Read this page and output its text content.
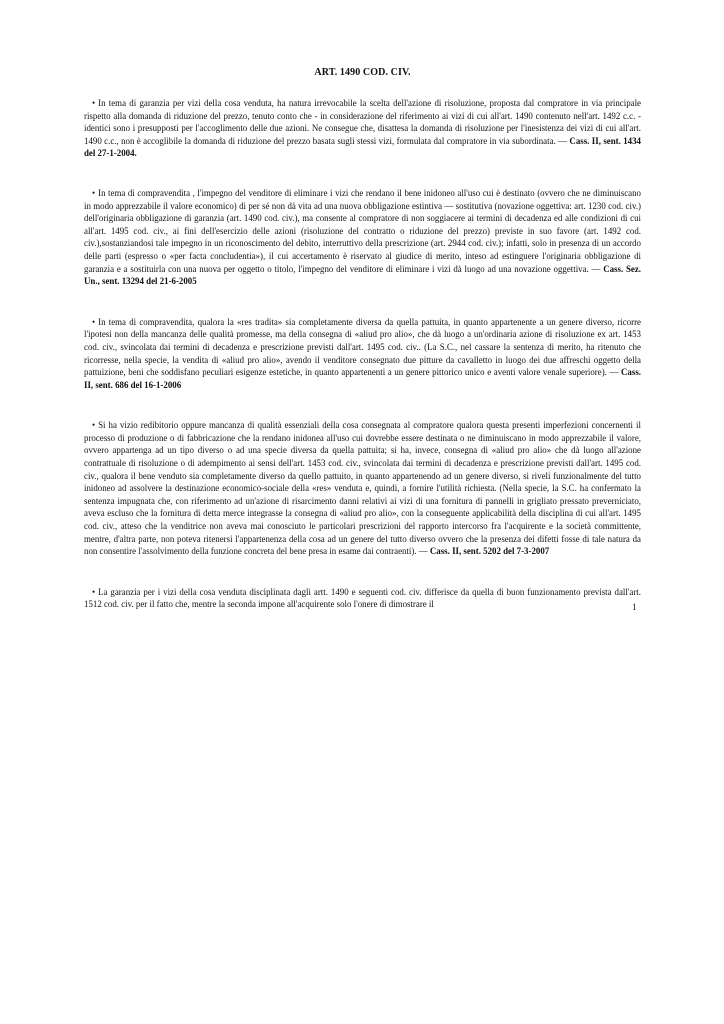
ART. 1490 COD. CIV.

• In tema di garanzia per vizi della cosa venduta, ha natura irrevocabile la scelta dell'azione di risoluzione, proposta dal compratore in via principale rispetto alla domanda di riduzione del prezzo, tenuto conto che - in considerazione del riferimento ai vizi di cui all'art. 1490 contenuto nell'art. 1492 c.c. - identici sono i presupposti per l'accoglimento delle due azioni. Ne consegue che, disattesa la domanda di risoluzione per l'inesistenza dei vizi di cui all'art. 1490 c.c., non è accoglibile la domanda di riduzione del prezzo basata sugli stessi vizi, formulata dal compratore in via subordinata. — Cass. II, sent. 1434 del 27-1-2004.

• In tema di compravendita , l'impegno del venditore di eliminare i vizi che rendano il bene inidoneo all'uso cui è destinato (ovvero che ne diminuiscano in modo apprezzabile il valore economico) di per sé non dà vita ad una nuova obbligazione estintiva — sostitutiva (novazione oggettiva: art. 1230 cod. civ.) dell'originaria obbligazione di garanzia (art. 1490 cod. civ.), ma consente al compratore di non soggiacere ai termini di decadenza ed alle condizioni di cui all'art. 1495 cod. civ., ai fini dell'esercizio delle azioni (risoluzione del contratto o riduzione del prezzo) previste in suo favore (art. 1492 cod. civ.),sostanziandosi tale impegno in un riconoscimento del debito, interruttivo della prescrizione (art. 2944 cod. civ.); infatti, solo in presenza di un accordo delle parti (espresso o «per facta concludentia»), il cui accertamento è riservato al giudice di merito, inteso ad estinguere l'originaria obbligazione di garanzia e a sostituirla con una nuova per oggetto o titolo, l'impegno del venditore di eliminare i vizi dà luogo ad una novazione oggettiva. — Cass. Sez. Un., sent. 13294 del 21-6-2005

• In tema di compravendita, qualora la «res tradita» sia completamente diversa da quella pattuita, in quanto appartenente a un genere diverso, ricorre l'ipotesi non della mancanza delle qualità promesse, ma della consegna di «aliud pro alio», che dà luogo a un'ordinaria azione di risoluzione ex art. 1453 cod. civ., svincolata dai termini di decadenza e prescrizione previsti dall'art. 1495 cod. civ.. (La S.C., nel cassare la sentenza di merito, ha ritenuto che ricorresse, nella specie, la vendita di «aliud pro alio», avendo il venditore consegnato due pitture da cavalletto in luogo dei due affreschi oggetto della pattuizione, beni che soddisfano peculiari esigenze estetiche, in quanto appartenenti a un genere pittorico unico e aventi valore venale superiore). — Cass. II, sent. 686 del 16-1-2006

• Si ha vizio redibitorio oppure mancanza di qualità essenziali della cosa consegnata al compratore qualora questa presenti imperfezioni concernenti il processo di produzione o di fabbricazione che la rendano inidonea all'uso cui dovrebbe essere destinata o ne diminuiscano in modo apprezzabile il valore, ovvero appartenga ad un tipo diverso o ad una specie diversa da quella pattuita; si ha, invece, consegna di «aliud pro alio» che dà luogo all'azione contrattuale di risoluzione o di adempimento ai sensi dell'art. 1453 cod. civ., svincolata dai termini di decadenza e prescrizione previsti dall'art. 1495 cod. civ., qualora il bene venduto sia completamente diverso da quello pattuito, in quanto appartenendo ad un genere diverso, si riveli funzionalmente del tutto inidoneo ad assolvere la destinazione economico-sociale della «res» venduta e, quindi, a fornire l'utilità richiesta. (Nella specie, la S.C. ha confermato la sentenza impugnata che, con riferimento ad un'azione di risarcimento danni relativi ai vizi di una fornitura di pannelli in grigliato pressato preverniciato, aveva escluso che la fornitura di detta merce integrasse la consegna di «aliud pro alio», con la conseguente applicabilità della disciplina di cui all'art. 1495 cod. civ., atteso che la venditrice non aveva mai conosciuto le particolari prescrizioni del rapporto intercorso fra l'acquirente e la società committente, mentre, d'altra parte, non poteva ritenersi l'appartenenza della cosa ad un genere del tutto diverso ovvero che la presenza dei difetti fosse di tale natura da non consentire l'assolvimento della funzione concreta del bene presa in esame dai contraenti). — Cass. II, sent. 5202 del 7-3-2007

• La garanzia per i vizi della cosa venduta disciplinata dagli artt. 1490 e seguenti cod. civ. differisce da quella di buon funzionamento prevista dall'art. 1512 cod. civ. per il fatto che, mentre la seconda impone all'acquirente solo l'onere di dimostrare il	1
